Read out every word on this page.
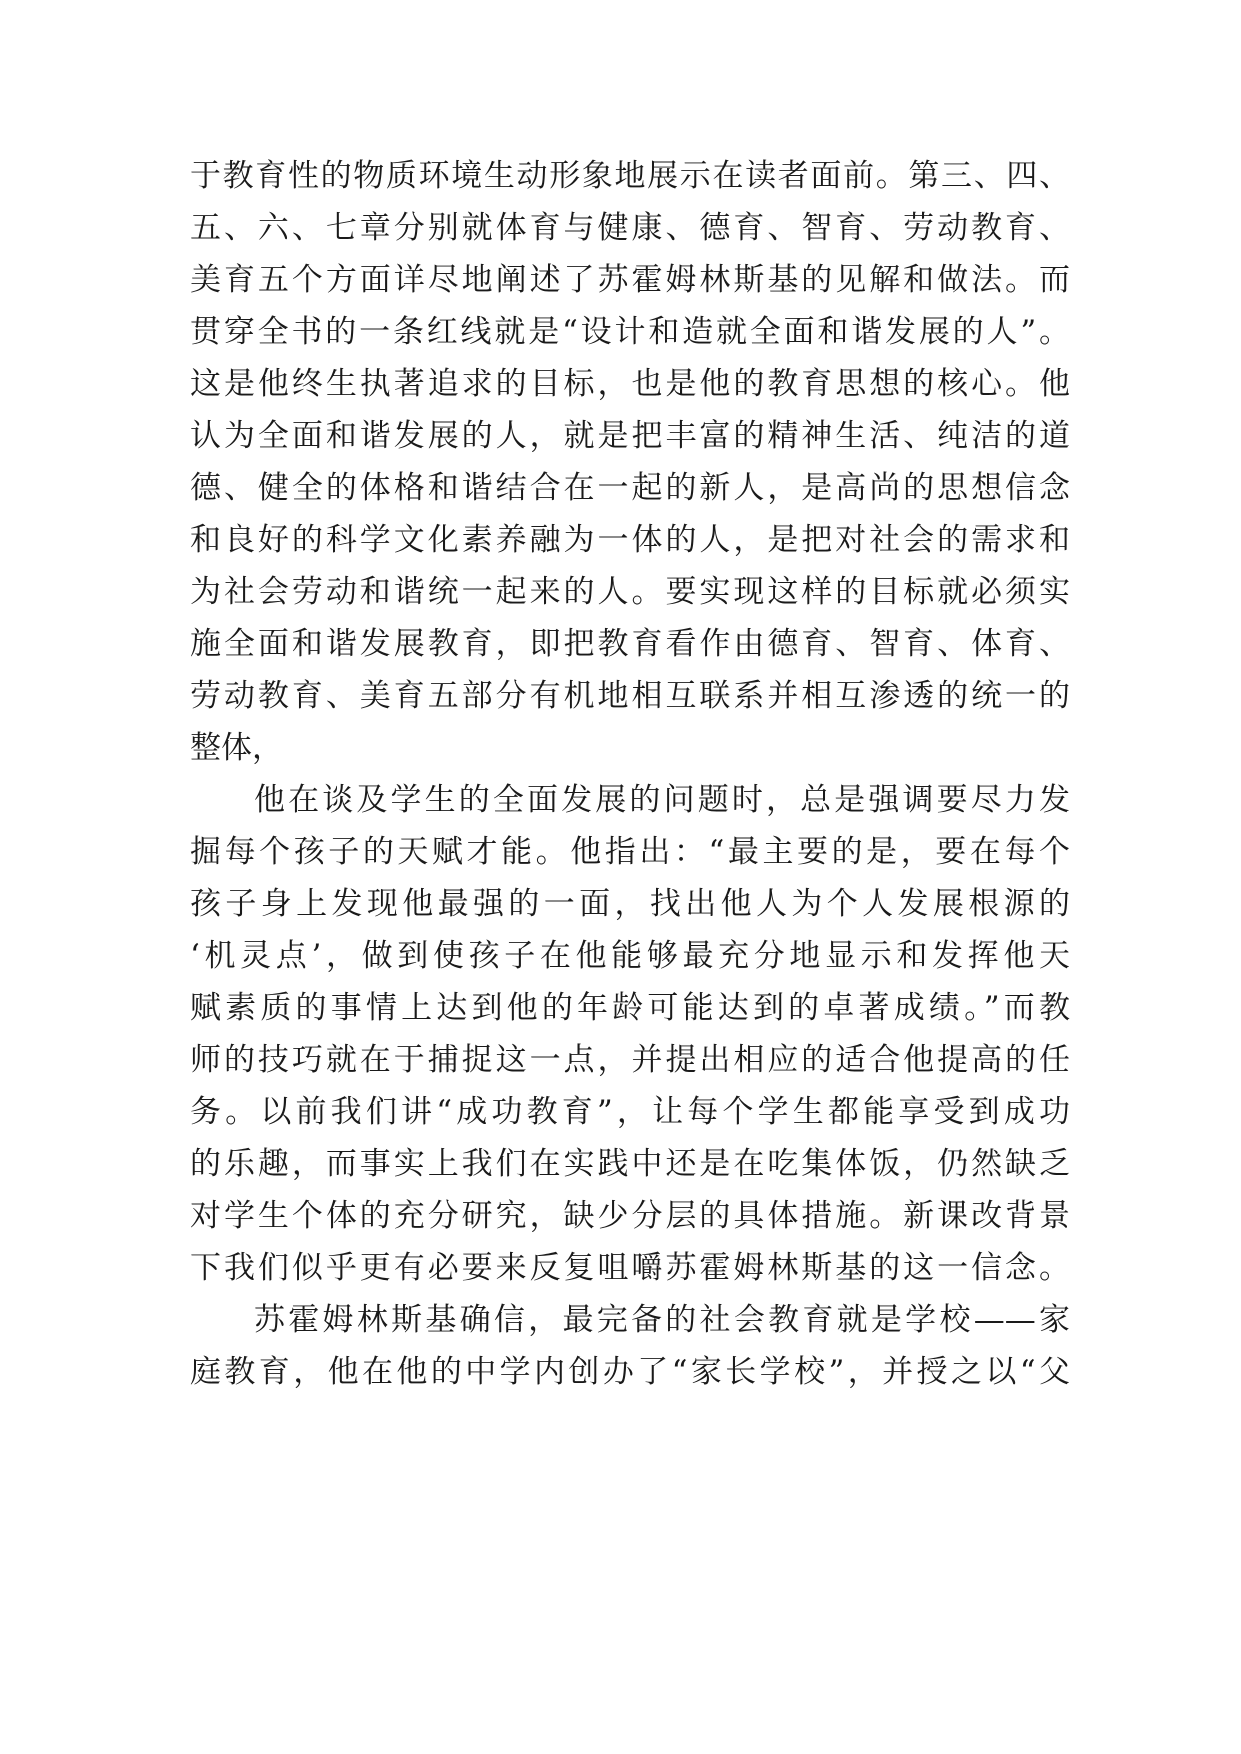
于教育性的物质环境生动形象地展示在读者面前。第三、四、
五、六、七章分别就体育与健康、德育、智育、劳动教育、
美育五个方面详尽地阐述了苏霍姆林斯基的见解和做法。而
贯穿全书的一条红线就是“设计和造就全面和谐发展的人”。
这是他终生执著追求的目标，也是他的教育思想的核心。他
认为全面和谐发展的人，就是把丰富的精神生活、纯洁的道
德、健全的体格和谐结合在一起的新人，是高尚的思想信念
和良好的科学文化素养融为一体的人，是把对社会的需求和
为社会劳动和谐统一起来的人。要实现这样的目标就必须实
施全面和谐发展教育，即把教育看作由德育、智育、体育、
劳动教育、美育五部分有机地相互联系并相互渗透的统一的
整体，
他在谈及学生的全面发展的问题时，总是强调要尽力发
掘每个孩子的天赋才能。他指出：“最主要的是，要在每个
孩子身上发现他最强的一面，找出他人为个人发展根源的
‘机灵点’，做到使孩子在他能够最充分地显示和发挥他天
赋素质的事情上达到他的年龄可能达到的卓著成绩。”而教
师的技巧就在于捕捉这一点，并提出相应的适合他提高的任
务。以前我们讲“成功教育”，让每个学生都能享受到成功
的乐趣，而事实上我们在实践中还是在吃集体饭，仍然缺乏
对学生个体的充分研究，缺少分层的具体措施。新课改背景
下我们似乎更有必要来反复咀嚼苏霍姆林斯基的这一信念。
苏霍姆林斯基确信，最完备的社会教育就是学校——家
庭教育，他在他的中学内创办了“家长学校”，并授之以“父
